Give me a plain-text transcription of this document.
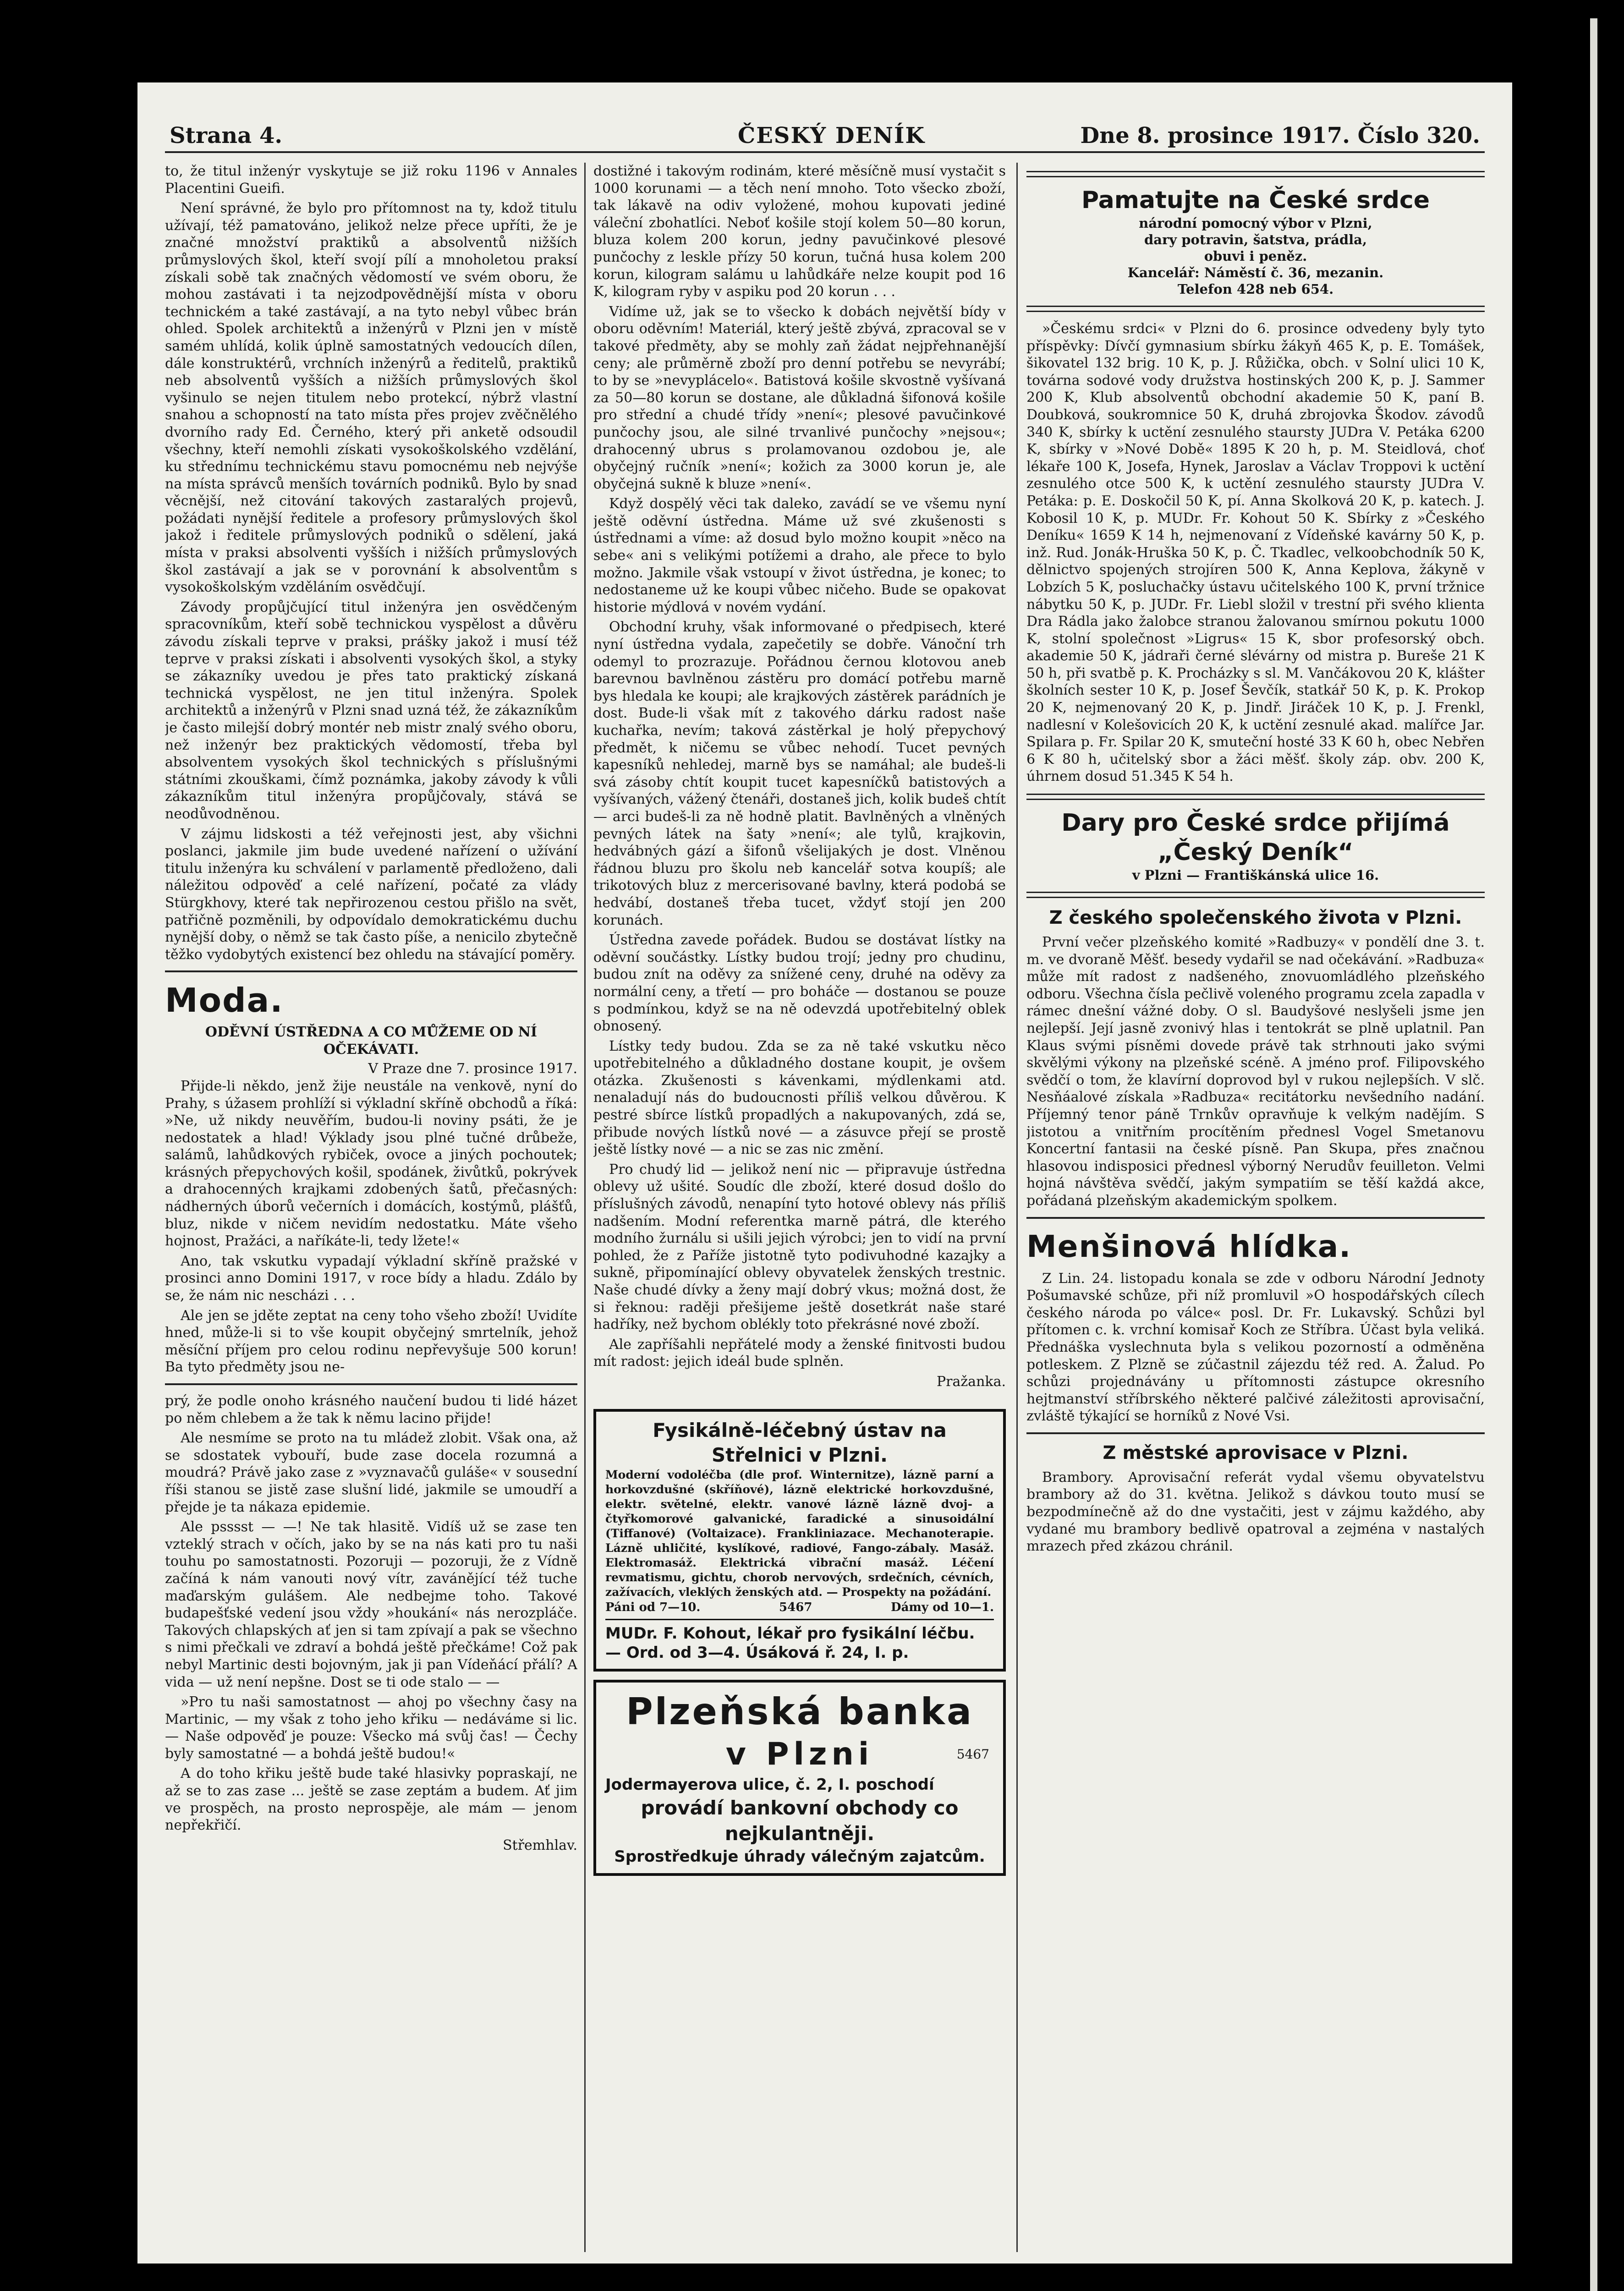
Strana 4.	ČESKÝ DENÍK	Dne 8. prosince 1917. Číslo 320.

to, že titul inženýr vyskytuje se již roku 1196 v Annales Placentini Gueifi.

Není správné, že bylo pro přítomnost na ty, kdož titulu užívají, též pamatováno, jelikož nelze přece upříti, že je značné množství praktiků a absolventů nižších průmyslových škol, kteří svojí pílí a mnoholetou praksí získali sobě tak značných vědomostí ve svém oboru, že mohou zastávati i ta nejzodpovědnější místa v oboru technickém a také zastávají, a na tyto nebyl vůbec brán ohled. Spolek architektů a inženýrů v Plzni jen v místě samém uhlídá, kolik úplně samostatných vedoucích dílen, dále konstruktérů, vrchních inženýrů a ředitelů, praktiků neb absolventů vyšších a nižších průmyslových škol vyšinulo se nejen titulem nebo protekcí, nýbrž vlastní snahou a schopností na tato místa přes projev zvěčnělého dvorního rady Ed. Černého, který při anketě odsoudil všechny, kteří nemohli získati vysokoškolského vzdělání, ku střednímu technickému stavu pomocnému neb nejvýše na místa správců menších továrních podniků. Bylo by snad věcnější, než citování takových zastaralých projevů, požádati nynější ředitele a profesory průmyslových škol jakož i ředitele průmyslových podniků o sdělení, jaká místa v praksi absolventi vyšších i nižších průmyslových škol zastávají a jak se v porovnání k absolventům s vysokoškolským vzděláním osvědčují.

Závody propůjčující titul inženýra jen osvědčeným spracovníkům, kteří sobě technickou vyspělost a důvěru závodu získali teprve v praksi, prášky jakož i musí též teprve v praksi získati i absolventi vysokých škol, a styky se zákazníky uvedou je přes tato praktický získaná technická vyspělost, ne jen titul inženýra. Spolek architektů a inženýrů v Plzni snad uzná též, že zákazníkům je často milejší dobrý montér neb mistr znalý svého oboru, než inženýr bez praktických vědomostí, třeba byl absolventem vysokých škol technických s příslušnými státními zkouškami, čímž poznámka, jakoby závody k vůli zákazníkům titul inženýra propůjčovaly, stává se neodůvodněnou.

V zájmu lidskosti a též veřejnosti jest, aby všichni poslanci, jakmile jim bude uvedené nařízení o užívání titulu inženýra ku schválení v parlamentě předloženo, dali náležitou odpověď a celé nařízení, počaté za vlády Stürgkhovy, které tak nepřirozenou cestou přišlo na svět, patřičně pozměnili, by odpovídalo demokratickému duchu nynější doby, o němž se tak často píše, a nenicilo zbytečně těžko vydobytých existencí bez ohledu na stávající poměry.

Moda.
ODĚVNÍ ÚSTŘEDNA A CO MŮŽEME OD NÍ OČEKÁVATI.
V Praze dne 7. prosince 1917.

Přijde-li někdo, jenž žije neustále na venkově, nyní do Prahy, s úžasem prohlíží si výkladní skříně obchodů a říká: »Ne, už nikdy neuvěřím, budou-li noviny psáti, že je nedostatek a hlad! Výklady jsou plné tučné drůbeže, salámů, lahůdkových rybiček, ovoce a jiných pochoutek; krásných přepychových košil, spodánek, živůtků, pokrývek a drahocenných krajkami zdobených šatů, přečasných: nádherných úborů večerních i domácích, kostýmů, plášťů, bluz, nikde v ničem nevidím nedostatku. Máte všeho hojnost, Pražáci, a naříkáte-li, tedy lžete!«

Ano, tak vskutku vypadají výkladní skříně pražské v prosinci anno Domini 1917, v roce bídy a hladu. Zdálo by se, že nám nic nescházi . . .

Ale jen se jděte zeptat na ceny toho všeho zboží! Uvidíte hned, může-li si to vše koupit obyčejný smrtelník, jehož měsíční příjem pro celou rodinu nepřevyšuje 500 korun! Ba tyto předměty jsou ne-

prý, že podle onoho krásného naučení budou ti lidé házet po něm chlebem a že tak k němu lacino přijde!

Ale nesmíme se proto na tu mládež zlobit. Však ona, až se sdostatek vybouří, bude zase docela rozumná a moudrá? Právě jako zase z »vyznavačů guláše« v sousední říši stanou se jistě zase slušní lidé, jakmile se umoudří a přejde je ta nákaza epidemie.

Ale psssst — —! Ne tak hlasitě. Vidíš už se zase ten vzteklý strach v očích, jako by se na nás kati pro tu naši touhu po samostatnosti. Pozoruji — pozoruji, že z Vídně začíná k nám vanouti nový vítr, zavánějící též tuche maďarským gulášem. Ale nedbejme toho. Takové budapešťské vedení jsou vždy »houkání« nás nerozpláče. Takových chlapských ať jen si tam zpívají a pak se všechno s nimi přečkali ve zdraví a bohdá ještě přečkáme! Což pak nebyl Martinic desti bojovným, jak ji pan Vídeňácí přálí? A vida — už není nepšne. Dost se ti ode stalo — —

»Pro tu naši samostatnost — ahoj po všechny časy na Martinic, — my však z toho jeho křiku — nedáváme si lic. — Naše odpověď je pouze: Všecko má svůj čas! — Čechy byly samostatné — a bohdá ještě budou!«

A do toho křiku ještě bude také hlasivky popraskají, ne až se to zas zase ... ještě se zase zeptám a budem. Ať jim ve prospěch, na prosto neprospěje, ale mám — jenom nepřekřičí.

Střemhlav.

dostižné i takovým rodinám, které měsíčně musí vystačit s 1000 korunami — a těch není mnoho. Toto všecko zboží, tak lákavě na odiv vyložené, mohou kupovati jediné váleční zbohatlíci. Neboť košile stojí kolem 50—80 korun, bluza kolem 200 korun, jedny pavučinkové plesové punčochy z leskle přízy 50 korun, tučná husa kolem 200 korun, kilogram salámu u lahůdkáře nelze koupit pod 16 K, kilogram ryby v aspiku pod 20 korun . . .

Vidíme už, jak se to všecko k dobách největší bídy v oboru oděvním! Materiál, který ještě zbývá, zpracoval se v takové předměty, aby se mohly zaň žádat nejpřehnanější ceny; ale průměrně zboží pro denní potřebu se nevyrábí; to by se »nevyplácelo«. Batistová košile skvostně vyšívaná za 50—80 korun se dostane, ale důkladná šifonová košile pro střední a chudé třídy »není«; plesové pavučinkové punčochy jsou, ale silné trvanlivé punčochy »nejsou«; drahocenný ubrus s prolamovanou ozdobou je, ale obyčejný ručník »není«; kožich za 3000 korun je, ale obyčejná sukně k bluze »není«.

Když dospělý věci tak daleko, zavádí se ve všemu nyní ještě oděvní ústředna. Máme už své zkušenosti s ústřednami a víme: až dosud bylo možno koupit »něco na sebe« ani s velikými potížemi a draho, ale přece to bylo možno. Jakmile však vstoupí v život ústředna, je konec; to nedostaneme už ke koupi vůbec ničeho. Bude se opakovat historie mýdlová v novém vydání.

Obchodní kruhy, však informované o předpisech, které nyní ústředna vydala, zapečetily se dobře. Vánoční trh odemyl to prozrazuje. Pořádnou černou klotovou aneb barevnou bavlněnou zástěru pro domácí potřebu marně bys hledala ke koupi; ale krajkových zástěrek parádních je dost. Bude-li však mít z takového dárku radost naše kuchařka, nevím; taková zástěrkal je holý přepychový předmět, k ničemu se vůbec nehodí. Tucet pevných kapesníků nehledej, marně bys se namáhal; ale budeš-li svá zásoby chtít koupit tucet kapesníčků batistových a vyšívaných, vážený čtenáři, dostaneš jich, kolik budeš chtít — arci budeš-li za ně hodně platit. Bavlněných a vlněných pevných látek na šaty »není«; ale tylů, krajkovin, hedvábných gází a šifonů všelijakých je dost. Vlněnou řádnou bluzu pro školu neb kancelář sotva koupíš; ale trikotových bluz z mercerisované bavlny, která podobá se hedvábí, dostaneš třeba tucet, vždyť stojí jen 200 korunách.

Ústředna zavede pořádek. Budou se dostávat lístky na oděvní součástky. Lístky budou trojí; jedny pro chudinu, budou znít na oděvy za snížené ceny, druhé na oděvy za normální ceny, a třetí — pro boháče — dostanou se pouze s podmínkou, když se na ně odevzdá upotřebitelný oblek obnosený.

Lístky tedy budou. Zda se za ně také vskutku něco upotřebitelného a důkladného dostane koupit, je ovšem otázka. Zkušenosti s kávenkami, mýdlenkami atd. nenaladují nás do budoucnosti příliš velkou důvěrou. K pestré sbírce lístků propadlých a nakupovaných, zdá se, přibude nových lístků nové — a zásuvce přejí se prostě ještě lístky nové — a nic se zas nic změní.

Pro chudý lid — jelikož není nic — připravuje ústředna oblevy už ušité. Soudíc dle zboží, které dosud došlo do příslušných závodů, nenapíní tyto hotové oblevy nás příliš nadšením. Modní referentka marně pátrá, dle kterého modního žurnálu si ušili jejich výrobci; jen to vidí na první pohled, že z Paříže jistotně tyto podivuhodné kazajky a sukně, připomínající oblevy obyvatelek ženských trestnic. Naše chudé dívky a ženy mají dobrý vkus; možná dost, že si řeknou: raději přešijeme ještě dosetkrát naše staré hadříky, než bychom oblékly toto překrásné nové zboží.

Ale zapříšahli nepřátelé mody a ženské finitvosti budou mít radost: jejich ideál bude splněn.

Pražanka.
Fysikálně-léčebný ústav na Střelnici v Plzni.
Moderní vodoléčba (dle prof. Winternitze), lázně parní a horkovzdušné (skříňové), lázně elektrické horkovzdušné, elektr. světelné, elektr. vanové lázně lázně dvoj- a čtyřkomorové galvanické, faradické a sinusoidální (Tiffanové) (Voltaizace). Frankliniazace. Mechanoterapie. Lázně uhličité, kyslíkové, radiové, Fango-zábaly. Masáž. Elektromasáž. Elektrická vibrační masáž. Léčení revmatismu, gichtu, chorob nervových, srdečních, cévních, zažívacích, vleklých ženských atd. — Prospekty na požádání.
Páni od 7—10.	5467	Dámy od 10—1.
MUDr. F. Kohout, lékař pro fysikální léčbu. — Ord. od 3—4. Úsáková ř. 24, I. p.
Plzeňská banka
v Plzni	5467
Jodermayerova ulice, č. 2, I. poschodí
provádí bankovní obchody co nejkulantněji.
Sprostředkuje úhrady válečným zajatcům.
Pamatujte na České srdce
národní pomocný výbor v Plzni,
dary potravin, šatstva, prádla,
obuvi i peněz.
Kancelář: Náměstí č. 36, mezanin.
Telefon 428 neb 654.

»Českému srdci« v Plzni do 6. prosince odvedeny byly tyto příspěvky: Dívčí gymnasium sbírku žákyň 465 K, p. E. Tomášek, šikovatel 132 brig. 10 K, p. J. Růžička, obch. v Solní ulici 10 K, továrna sodové vody družstva hostinských 200 K, p. J. Sammer 200 K, Klub absolventů obchodní akademie 50 K, paní B. Doubková, soukromnice 50 K, druhá zbrojovka Škodov. závodů 340 K, sbírky k uctění zesnulého staursty JUDra V. Petáka 6200 K, sbírky v »Nové Době« 1895 K 20 h, p. M. Steidlová, choť lékaře 100 K, Josefa, Hynek, Jaroslav a Václav Troppovi k uctění zesnulého otce 500 K, k uctění zesnulého staursty JUDra V. Petáka: p. E. Doskočil 50 K, pí. Anna Skolková 20 K, p. katech. J. Kobosil 10 K, p. MUDr. Fr. Kohout 50 K. Sbírky z »Českého Deníku« 1659 K 14 h, nejmenovaní z Vídeňské kavárny 50 K, p. inž. Rud. Jonák-Hruška 50 K, p. Č. Tkadlec, velkoobchodník 50 K, dělnictvo spojených strojíren 500 K, Anna Keplova, žákyně v Lobzích 5 K, posluchačky ústavu učitelského 100 K, první tržnice nábytku 50 K, p. JUDr. Fr. Liebl složil v trestní při svého klienta Dra Rádla jako žalobce stranou žalovanou smírnou pokutu 1000 K, stolní společnost »Ligrus« 15 K, sbor profesorský obch. akademie 50 K, jádraři černé slévárny od mistra p. Bureše 21 K 50 h, při svatbě p. K. Procházky s sl. M. Vančákovou 20 K, klášter školních sester 10 K, p. Josef Ševčík, statkář 50 K, p. K. Prokop 20 K, nejmenovaný 20 K, p. Jindř. Jiráček 10 K, p. J. Frenkl, nadlesní v Kolešovicích 20 K, k uctění zesnulé akad. malířce Jar. Spilara p. Fr. Spilar 20 K, smuteční hosté 33 K 60 h, obec Nebřen 6 K 80 h, učitelský sbor a žáci měšť. školy záp. obv. 200 K, úhrnem dosud 51.345 K 54 h.

Dary pro České srdce přijímá „Český Deník“
v Plzni — Františkánská ulice 16.
Z českého společenského života v Plzni.

První večer plzeňského komité »Radbuzy« v pondělí dne 3. t. m. ve dvoraně Měšť. besedy vydařil se nad očekávání. »Radbuza« může mít radost z nadšeného, znovuomládlého plzeňského odboru. Všechna čísla pečlivě voleného programu zcela zapadla v rámec dnešní vážné doby. O sl. Baudyšové neslyšeli jsme jen nejlepší. Její jasně zvonivý hlas i tentokrát se plně uplatnil. Pan Klaus svými písněmi dovede právě tak strhnouti jako svými skvělými výkony na plzeňské scéně. A jméno prof. Filipovského svědčí o tom, že klavírní doprovod byl v rukou nejlepších. V slč. Nesňáalové získala »Radbuza« recitátorku nevšedního nadání. Příjemný tenor páně Trnkův opravňuje k velkým nadějím. S jistotou a vnitřním procítěním přednesl Vogel Smetanovu Koncertní fantasii na české písně. Pan Skupa, přes značnou hlasovou indisposici přednesl výborný Nerudův feuilleton. Velmi hojná návštěva svědčí, jakým sympatiím se těší každá akce, pořádaná plzeňským akademickým spolkem.

Menšinová hlídka.

Z Lin. 24. listopadu konala se zde v odboru Národní Jednoty Pošumavské schůze, při níž promluvil »O hospodářských cílech českého národa po válce« posl. Dr. Fr. Lukavský. Schůzi byl přítomen c. k. vrchní komisař Koch ze Stříbra. Účast byla veliká. Přednáška vyslechnuta byla s velikou pozorností a odměněna potleskem. Z Plzně se zúčastnil zájezdu též red. A. Žalud. Po schůzi projednávány u přítomnosti zástupce okresního hejtmanství stříbrského některé palčivé záležitosti aprovisační, zvláště týkající se horníků z Nové Vsi.

Z městské aprovisace v Plzni.

Brambory. Aprovisační referát vydal všemu obyvatelstvu brambory až do 31. května. Jelikož s dávkou touto musí se bezpodmínečně až do dne vystačiti, jest v zájmu každého, aby vydané mu brambory bedlivě opatroval a zejména v nastalých mrazech před zkázou chránil.
